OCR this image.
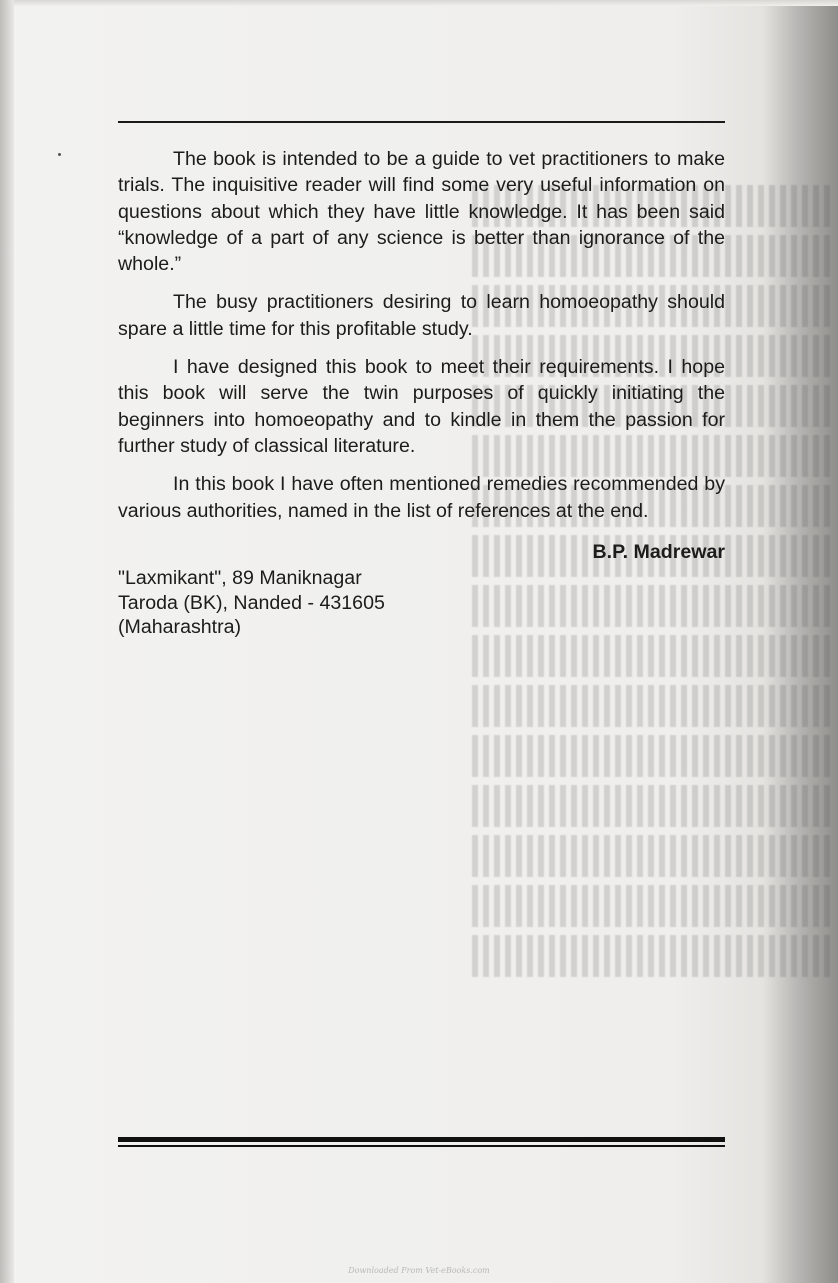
The book is intended to be a guide to vet practitioners to make trials. The inquisitive reader will find some very useful information on questions about which they have little knowledge. It has been said “knowledge of a part of any science is better than ignorance of the whole.”

The busy practitioners desiring to learn homoeopathy should spare a little time for this profitable study.

I have designed this book to meet their requirements. I hope this book will serve the twin purposes of quickly initiating the beginners into homoeopathy and to kindle in them the passion for further study of classical literature.

In this book I have often mentioned remedies recommended by various authorities, named in the list of references at the end.

B.P. Madrewar
"Laxmikant", 89 Maniknagar
Taroda (BK), Nanded - 431605
(Maharashtra)
Downloaded From Vet-eBooks.com
